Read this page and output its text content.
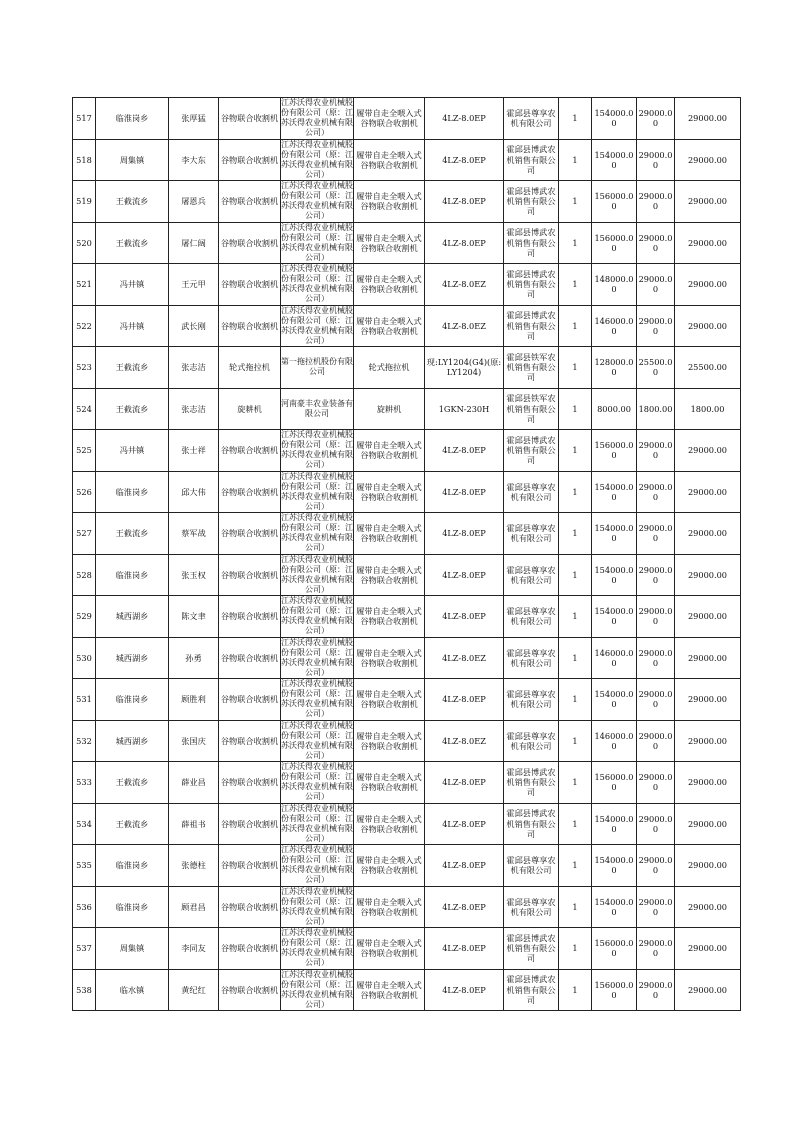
517	临淮岗乡	张厚猛	谷物联合收割机	江苏沃得农业机械股份有限公司（原：江苏沃得农业机械有限公司）	履带自走全喂入式谷物联合收割机	4LZ-8.0EP	霍邱县尊享农机有限公司	1	154000.00	29000.00	29000.00
518	周集镇	李大东	谷物联合收割机	江苏沃得农业机械股份有限公司（原：江苏沃得农业机械有限公司）	履带自走全喂入式谷物联合收割机	4LZ-8.0EP	霍邱县博武农机销售有限公司	1	154000.00	29000.00	29000.00
519	王截流乡	屠恩兵	谷物联合收割机	江苏沃得农业机械股份有限公司（原：江苏沃得农业机械有限公司）	履带自走全喂入式谷物联合收割机	4LZ-8.0EP	霍邱县博武农机销售有限公司	1	156000.00	29000.00	29000.00
520	王截流乡	屠仁阔	谷物联合收割机	江苏沃得农业机械股份有限公司（原：江苏沃得农业机械有限公司）	履带自走全喂入式谷物联合收割机	4LZ-8.0EP	霍邱县博武农机销售有限公司	1	156000.00	29000.00	29000.00
521	冯井镇	王元甲	谷物联合收割机	江苏沃得农业机械股份有限公司（原：江苏沃得农业机械有限公司）	履带自走全喂入式谷物联合收割机	4LZ-8.0EZ	霍邱县博武农机销售有限公司	1	148000.00	29000.00	29000.00
522	冯井镇	武长刚	谷物联合收割机	江苏沃得农业机械股份有限公司（原：江苏沃得农业机械有限公司）	履带自走全喂入式谷物联合收割机	4LZ-8.0EZ	霍邱县博武农机销售有限公司	1	146000.00	29000.00	29000.00
523	王截流乡	张志洁	轮式拖拉机	第一拖拉机股份有限公司	轮式拖拉机	现:LY1204(G4)(原:LY1204)	霍邱县铁军农机销售有限公司	1	128000.00	25500.00	25500.00
524	王截流乡	张志洁	旋耕机	河南豪丰农业装备有限公司	旋耕机	1GKN-230H	霍邱县铁军农机销售有限公司	1	8000.00	1800.00	1800.00
525	冯井镇	张士祥	谷物联合收割机	江苏沃得农业机械股份有限公司（原：江苏沃得农业机械有限公司）	履带自走全喂入式谷物联合收割机	4LZ-8.0EP	霍邱县博武农机销售有限公司	1	156000.00	29000.00	29000.00
526	临淮岗乡	邱大伟	谷物联合收割机	江苏沃得农业机械股份有限公司（原：江苏沃得农业机械有限公司）	履带自走全喂入式谷物联合收割机	4LZ-8.0EP	霍邱县尊享农机有限公司	1	154000.00	29000.00	29000.00
527	王截流乡	蔡军战	谷物联合收割机	江苏沃得农业机械股份有限公司（原：江苏沃得农业机械有限公司）	履带自走全喂入式谷物联合收割机	4LZ-8.0EP	霍邱县尊享农机有限公司	1	154000.00	29000.00	29000.00
528	临淮岗乡	张玉权	谷物联合收割机	江苏沃得农业机械股份有限公司（原：江苏沃得农业机械有限公司）	履带自走全喂入式谷物联合收割机	4LZ-8.0EP	霍邱县尊享农机有限公司	1	154000.00	29000.00	29000.00
529	城西湖乡	陈文聿	谷物联合收割机	江苏沃得农业机械股份有限公司（原：江苏沃得农业机械有限公司）	履带自走全喂入式谷物联合收割机	4LZ-8.0EP	霍邱县尊享农机有限公司	1	154000.00	29000.00	29000.00
530	城西湖乡	孙勇	谷物联合收割机	江苏沃得农业机械股份有限公司（原：江苏沃得农业机械有限公司）	履带自走全喂入式谷物联合收割机	4LZ-8.0EZ	霍邱县尊享农机有限公司	1	146000.00	29000.00	29000.00
531	临淮岗乡	顾胜利	谷物联合收割机	江苏沃得农业机械股份有限公司（原：江苏沃得农业机械有限公司）	履带自走全喂入式谷物联合收割机	4LZ-8.0EP	霍邱县尊享农机有限公司	1	154000.00	29000.00	29000.00
532	城西湖乡	张国庆	谷物联合收割机	江苏沃得农业机械股份有限公司（原：江苏沃得农业机械有限公司）	履带自走全喂入式谷物联合收割机	4LZ-8.0EZ	霍邱县尊享农机有限公司	1	146000.00	29000.00	29000.00
533	王截流乡	薛业昌	谷物联合收割机	江苏沃得农业机械股份有限公司（原：江苏沃得农业机械有限公司）	履带自走全喂入式谷物联合收割机	4LZ-8.0EP	霍邱县博武农机销售有限公司	1	156000.00	29000.00	29000.00
534	王截流乡	薛祖书	谷物联合收割机	江苏沃得农业机械股份有限公司（原：江苏沃得农业机械有限公司）	履带自走全喂入式谷物联合收割机	4LZ-8.0EP	霍邱县博武农机销售有限公司	1	154000.00	29000.00	29000.00
535	临淮岗乡	张德柱	谷物联合收割机	江苏沃得农业机械股份有限公司（原：江苏沃得农业机械有限公司）	履带自走全喂入式谷物联合收割机	4LZ-8.0EP	霍邱县尊享农机有限公司	1	154000.00	29000.00	29000.00
536	临淮岗乡	顾君昌	谷物联合收割机	江苏沃得农业机械股份有限公司（原：江苏沃得农业机械有限公司）	履带自走全喂入式谷物联合收割机	4LZ-8.0EP	霍邱县尊享农机有限公司	1	154000.00	29000.00	29000.00
537	周集镇	李同友	谷物联合收割机	江苏沃得农业机械股份有限公司（原：江苏沃得农业机械有限公司）	履带自走全喂入式谷物联合收割机	4LZ-8.0EP	霍邱县博武农机销售有限公司	1	156000.00	29000.00	29000.00
538	临水镇	黄纪红	谷物联合收割机	江苏沃得农业机械股份有限公司（原：江苏沃得农业机械有限公司）	履带自走全喂入式谷物联合收割机	4LZ-8.0EP	霍邱县博武农机销售有限公司	1	156000.00	29000.00	29000.00
